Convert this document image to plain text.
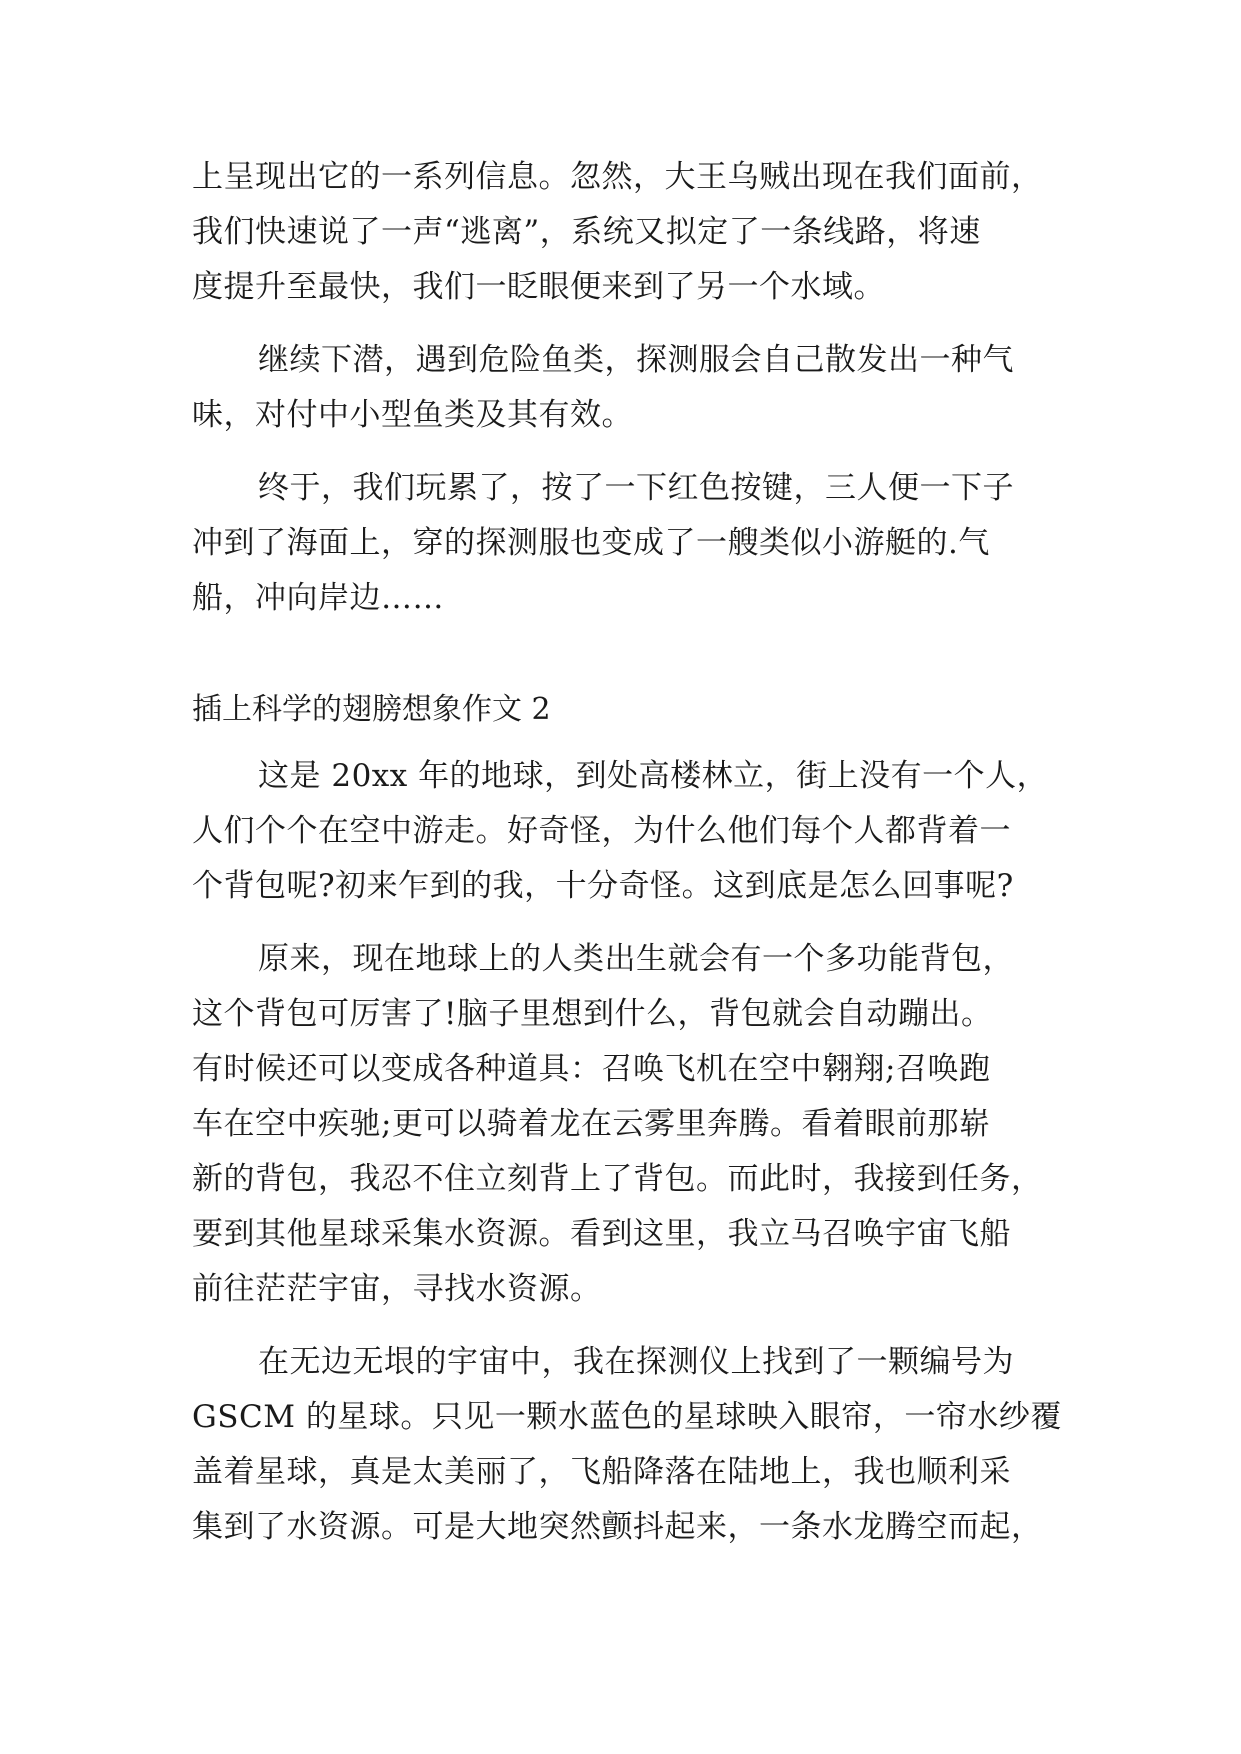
上呈现出它的一系列信息。忽然，大王乌贼出现在我们面前，
我们快速说了一声“逃离”，系统又拟定了一条线路，将速
度提升至最快，我们一眨眼便来到了另一个水域。
继续下潜，遇到危险鱼类，探测服会自己散发出一种气
味，对付中小型鱼类及其有效。
终于，我们玩累了，按了一下红色按键，三人便一下子
冲到了海面上，穿的探测服也变成了一艘类似小游艇的.气
船，冲向岸边……
插上科学的翅膀想象作文 2
这是 20xx 年的地球，到处高楼林立，街上没有一个人，
人们个个在空中游走。好奇怪，为什么他们每个人都背着一
个背包呢?初来乍到的我，十分奇怪。这到底是怎么回事呢?
原来，现在地球上的人类出生就会有一个多功能背包，
这个背包可厉害了!脑子里想到什么，背包就会自动蹦出。
有时候还可以变成各种道具：召唤飞机在空中翱翔;召唤跑
车在空中疾驰;更可以骑着龙在云雾里奔腾。看着眼前那崭
新的背包，我忍不住立刻背上了背包。而此时，我接到任务，
要到其他星球采集水资源。看到这里，我立马召唤宇宙飞船
前往茫茫宇宙，寻找水资源。
在无边无垠的宇宙中，我在探测仪上找到了一颗编号为
GSCM 的星球。只见一颗水蓝色的星球映入眼帘，一帘水纱覆
盖着星球，真是太美丽了，飞船降落在陆地上，我也顺利采
集到了水资源。可是大地突然颤抖起来，一条水龙腾空而起，
